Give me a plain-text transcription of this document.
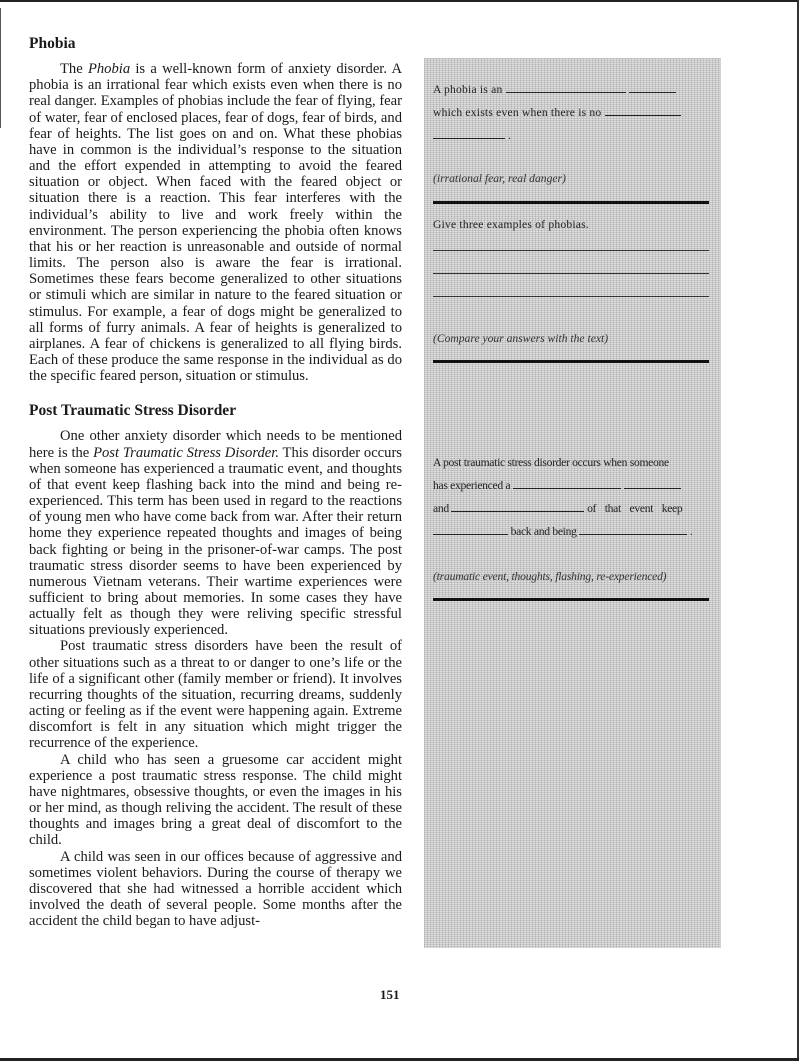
Phobia

The Phobia is a well-known form of anxiety disorder. A phobia is an irrational fear which exists even when there is no real danger. Examples of phobias include the fear of flying, fear of water, fear of enclosed places, fear of dogs, fear of birds, and fear of heights. The list goes on and on. What these phobias have in common is the individual’s response to the situation and the effort expended in attempting to avoid the feared situation or object. When faced with the feared object or situation there is a reaction. This fear interferes with the individual’s ability to live and work freely within the environment. The person experiencing the phobia often knows that his or her reaction is unreasonable and outside of normal limits. The person also is aware the fear is irrational. Sometimes these fears become generalized to other situations or stimuli which are similar in nature to the feared situation or stimulus. For example, a fear of dogs might be generalized to all forms of furry animals. A fear of heights is generalized to airplanes. A fear of chickens is generalized to all flying birds. Each of these produce the same response in the individual as do the specific feared person, situation or stimulus.

Post Traumatic Stress Disorder

One other anxiety disorder which needs to be mentioned here is the Post Traumatic Stress Disorder. This disorder occurs when someone has experienced a traumatic event, and thoughts of that event keep flashing back into the mind and being re-experienced. This term has been used in regard to the reactions of young men who have come back from war. After their return home they experience repeated thoughts and images of being back fighting or being in the prisoner-of-war camps. The post traumatic stress disorder seems to have been experienced by numerous Vietnam veterans. Their wartime experiences were sufficient to bring about memories. In some cases they have actually felt as though they were reliving specific stressful situations previously experienced.

Post traumatic stress disorders have been the result of other situations such as a threat to or danger to one’s life or the life of a significant other (family member or friend). It involves recurring thoughts of the situation, recurring dreams, suddenly acting or feeling as if the event were happening again. Extreme discomfort is felt in any situation which might trigger the recurrence of the experience.

A child who has seen a gruesome car accident might experience a post traumatic stress response. The child might have nightmares, obsessive thoughts, or even the images in his or her mind, as though reliving the accident. The result of these thoughts and images bring a great deal of discomfort to the child.

A child was seen in our offices because of aggressive and sometimes violent behaviors. During the course of therapy we discovered that she had witnessed a horrible accident which involved the death of several people. Some months after the accident the child began to have adjust-

A phobia is an
which exists even when there is no
.
(irrational fear, real danger)
Give three examples of phobias.
(Compare your answers with the text)
A post traumatic stress disorder occurs when someone
has experienced a
and	of that event keep
back and being	.
(traumatic event, thoughts, flashing, re-experienced)
151
